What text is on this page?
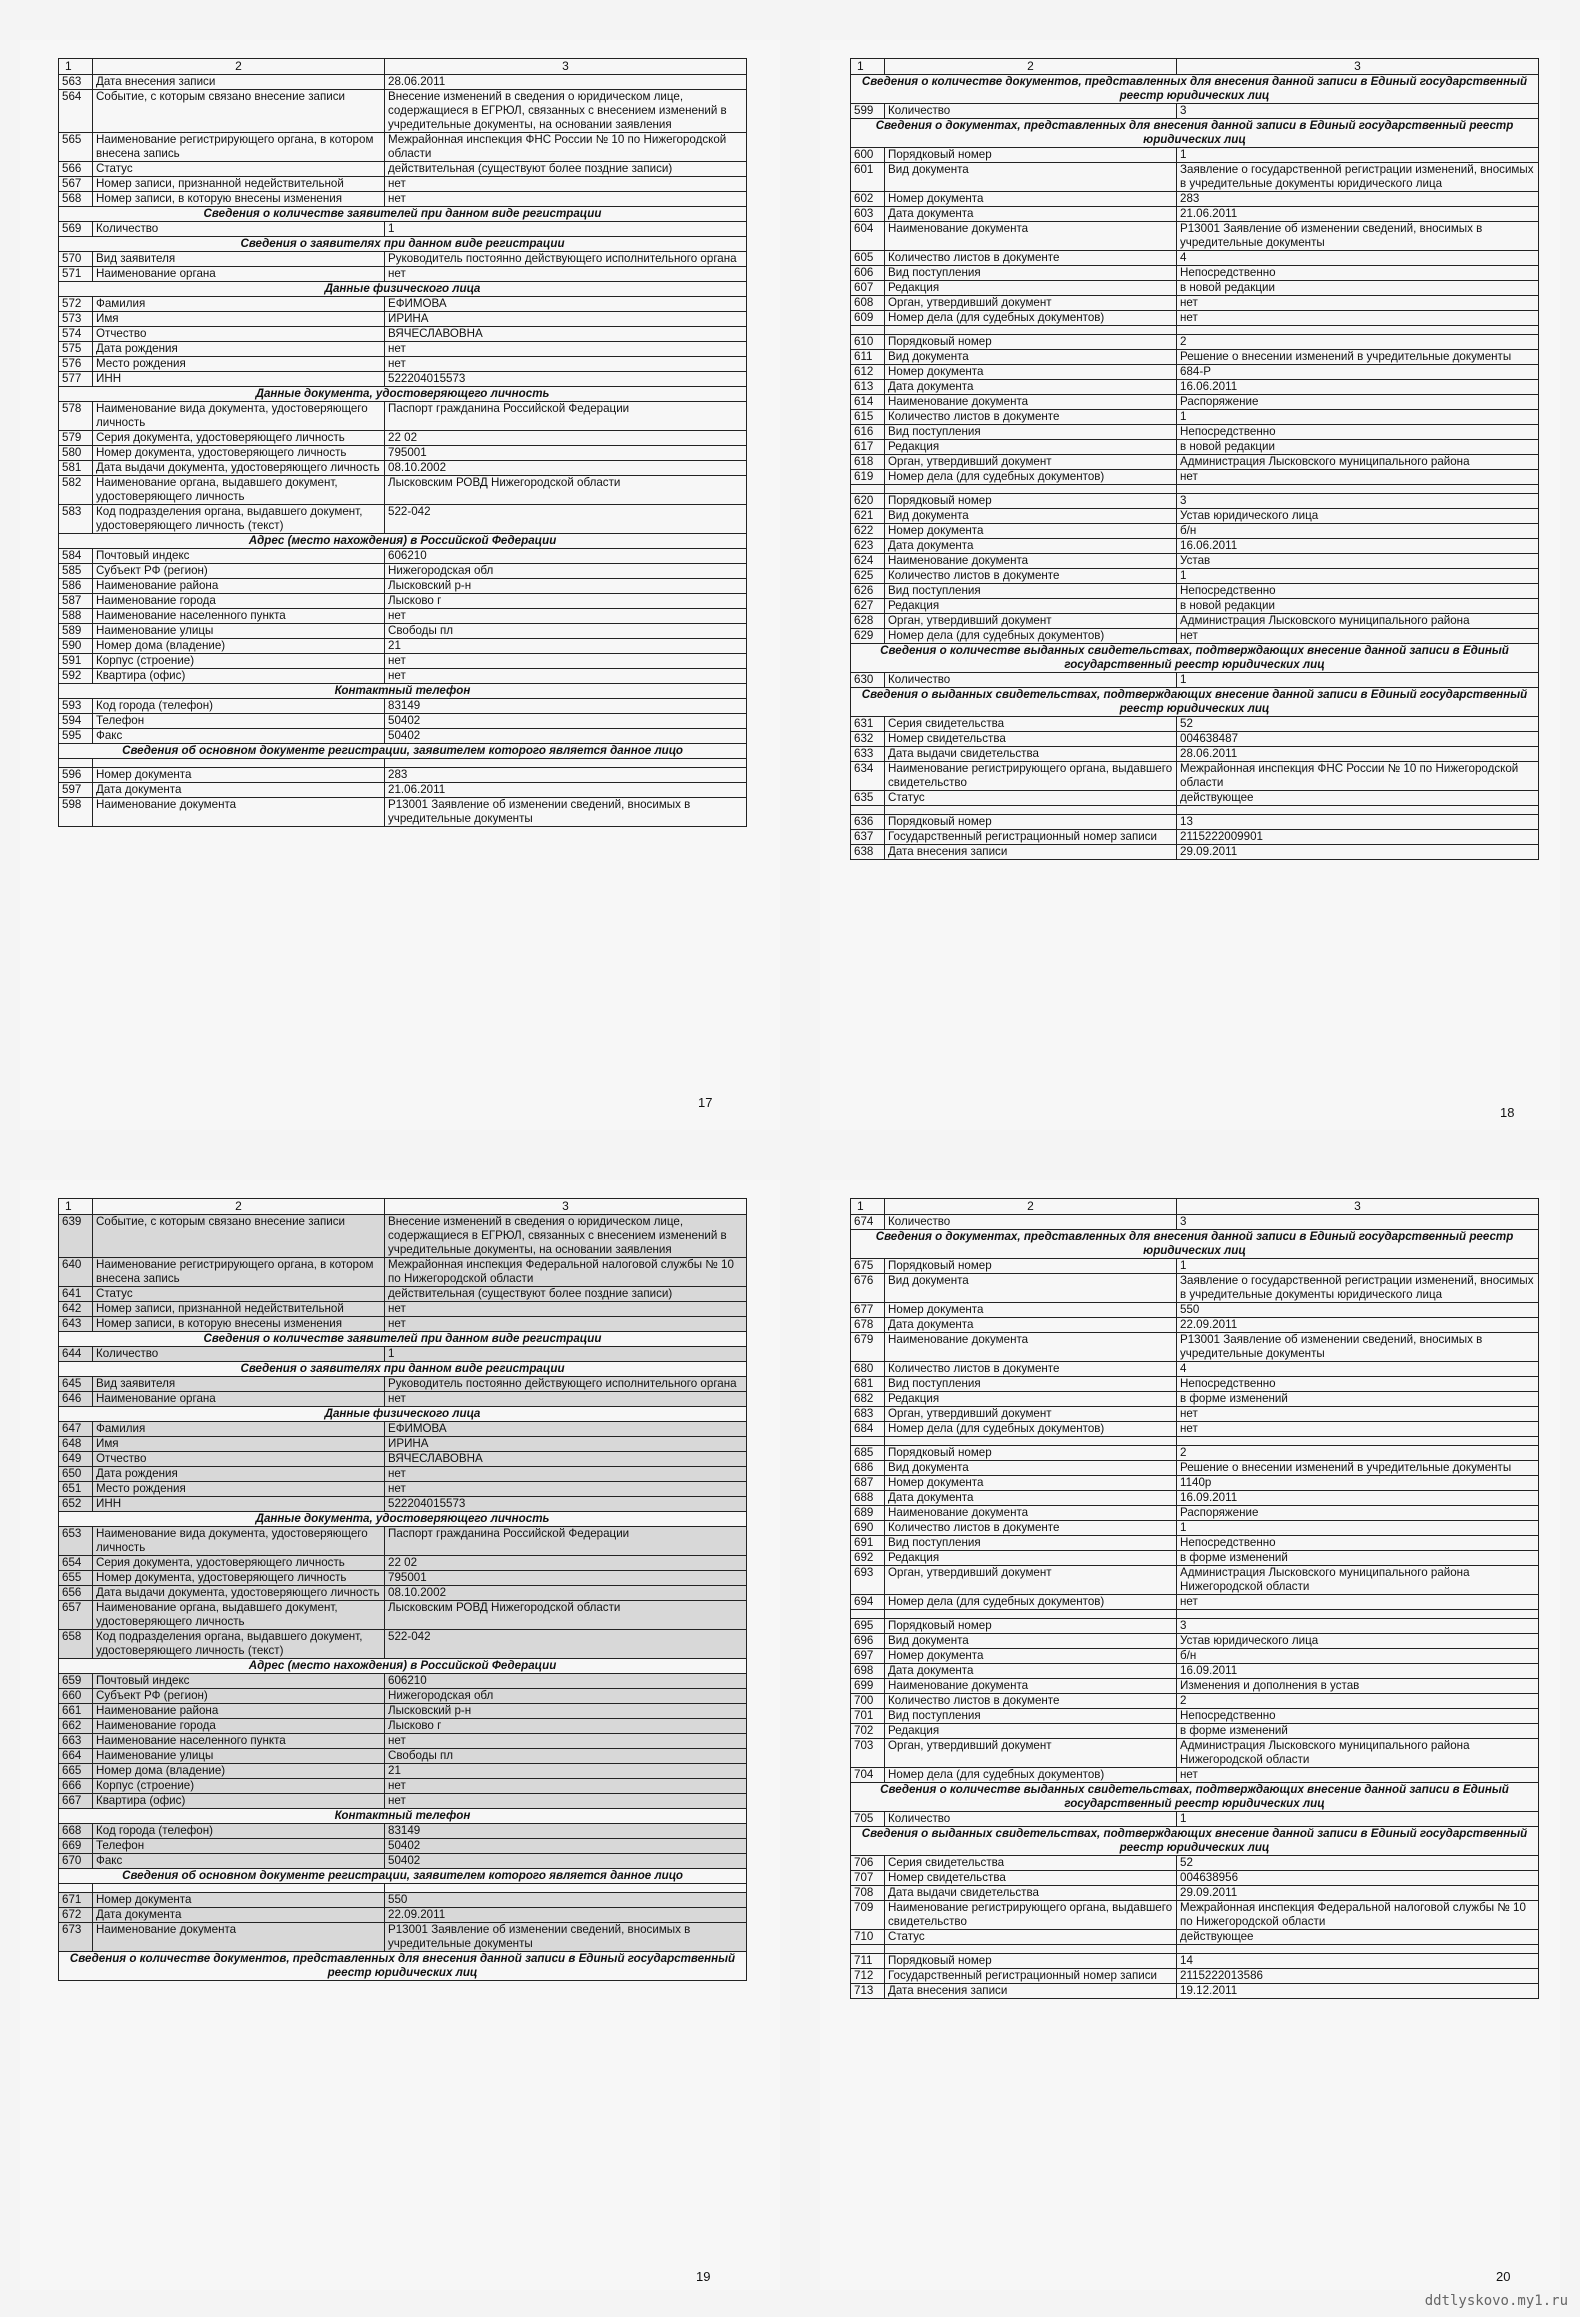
1	2	3
563	Дата внесения записи	28.06.2011
564	Событие, с которым связано внесение записи	Внесение изменений в сведения о юридическом лице, содержащиеся в ЕГРЮЛ, связанных с внесением изменений в учредительные документы, на основании заявления
565	Наименование регистрирующего органа, в котором внесена запись	Межрайонная инспекция ФНС России № 10 по Нижегородской области
566	Статус	действительная (существуют более поздние записи)
567	Номер записи, признанной недействительной	нет
568	Номер записи, в которую внесены изменения	нет
Сведения о количестве заявителей при данном виде регистрации		
569	Количество	1
Сведения о заявителях при данном виде регистрации		
570	Вид заявителя	Руководитель постоянно действующего исполнительного органа
571	Наименование органа	нет
Данные физического лица		
572	Фамилия	ЕФИМОВА
573	Имя	ИРИНА
574	Отчество	ВЯЧЕСЛАВОВНА
575	Дата рождения	нет
576	Место рождения	нет
577	ИНН	522204015573
Данные документа, удостоверяющего личность		
578	Наименование вида документа, удостоверяющего личность	Паспорт гражданина Российской Федерации
579	Серия документа, удостоверяющего личность	22 02
580	Номер документа, удостоверяющего личность	795001
581	Дата выдачи документа, удостоверяющего личность	08.10.2002
582	Наименование органа, выдавшего документ, удостоверяющего личность	Лысковским РОВД Нижегородской области
583	Код подразделения органа, выдавшего документ, удостоверяющего личность (текст)	522-042
Адрес (место нахождения) в Российской Федерации		
584	Почтовый индекс	606210
585	Субъект РФ (регион)	Нижегородская обл
586	Наименование района	Лысковский р-н
587	Наименование города	Лысково г
588	Наименование населенного пункта	нет
589	Наименование улицы	Свободы пл
590	Номер дома (владение)	21
591	Корпус (строение)	нет
592	Квартира (офис)	нет
Контактный телефон		
593	Код города (телефон)	83149
594	Телефон	50402
595	Факс	50402
Сведения об основном документе регистрации, заявителем которого является данное лицо		

596	Номер документа	283
597	Дата документа	21.06.2011
598	Наименование документа	Р13001 Заявление об изменении сведений, вносимых в учредительные документы
17
1	2	3
Сведения о количестве документов, представленных для внесения данной записи в Единый государственный реестр юридических лиц		
599	Количество	3
Сведения о документах, представленных для внесения данной записи в Единый государственный реестр юридических лиц		
600	Порядковый номер	1
601	Вид документа	Заявление о государственной регистрации изменений, вносимых в учредительные документы юридического лица
602	Номер документа	283
603	Дата документа	21.06.2011
604	Наименование документа	Р13001 Заявление об изменении сведений, вносимых в учредительные документы
605	Количество листов в документе	4
606	Вид поступления	Непосредственно
607	Редакция	в новой редакции
608	Орган, утвердивший документ	нет
609	Номер дела (для судебных документов)	нет

610	Порядковый номер	2
611	Вид документа	Решение о внесении изменений в учредительные документы
612	Номер документа	684-Р
613	Дата документа	16.06.2011
614	Наименование документа	Распоряжение
615	Количество листов в документе	1
616	Вид поступления	Непосредственно
617	Редакция	в новой редакции
618	Орган, утвердивший документ	Администрация Лысковского муниципального района
619	Номер дела (для судебных документов)	нет

620	Порядковый номер	3
621	Вид документа	Устав юридического лица
622	Номер документа	б/н
623	Дата документа	16.06.2011
624	Наименование документа	Устав
625	Количество листов в документе	1
626	Вид поступления	Непосредственно
627	Редакция	в новой редакции
628	Орган, утвердивший документ	Администрация Лысковского муниципального района
629	Номер дела (для судебных документов)	нет
Сведения о количестве выданных свидетельствах, подтверждающих внесение данной записи в Единый государственный реестр юридических лиц		
630	Количество	1
Сведения о выданных свидетельствах, подтверждающих внесение данной записи в Единый государственный реестр юридических лиц		
631	Серия свидетельства	52
632	Номер свидетельства	004638487
633	Дата выдачи свидетельства	28.06.2011
634	Наименование регистрирующего органа, выдавшего свидетельство	Межрайонная инспекция ФНС России № 10 по Нижегородской области
635	Статус	действующее

636	Порядковый номер	13
637	Государственный регистрационный номер записи	2115222009901
638	Дата внесения записи	29.09.2011
18
1	2	3
639	Событие, с которым связано внесение записи	Внесение изменений в сведения о юридическом лице, содержащиеся в ЕГРЮЛ, связанных с внесением изменений в учредительные документы, на основании заявления
640	Наименование регистрирующего органа, в котором внесена запись	Межрайонная инспекция Федеральной налоговой службы № 10 по Нижегородской области
641	Статус	действительная (существуют более поздние записи)
642	Номер записи, признанной недействительной	нет
643	Номер записи, в которую внесены изменения	нет
Сведения о количестве заявителей при данном виде регистрации		
644	Количество	1
Сведения о заявителях при данном виде регистрации		
645	Вид заявителя	Руководитель постоянно действующего исполнительного органа
646	Наименование органа	нет
Данные физического лица		
647	Фамилия	ЕФИМОВА
648	Имя	ИРИНА
649	Отчество	ВЯЧЕСЛАВОВНА
650	Дата рождения	нет
651	Место рождения	нет
652	ИНН	522204015573
Данные документа, удостоверяющего личность		
653	Наименование вида документа, удостоверяющего личность	Паспорт гражданина Российской Федерации
654	Серия документа, удостоверяющего личность	22 02
655	Номер документа, удостоверяющего личность	795001
656	Дата выдачи документа, удостоверяющего личность	08.10.2002
657	Наименование органа, выдавшего документ, удостоверяющего личность	Лысковским РОВД Нижегородской области
658	Код подразделения органа, выдавшего документ, удостоверяющего личность (текст)	522-042
Адрес (место нахождения) в Российской Федерации		
659	Почтовый индекс	606210
660	Субъект РФ (регион)	Нижегородская обл
661	Наименование района	Лысковский р-н
662	Наименование города	Лысково г
663	Наименование населенного пункта	нет
664	Наименование улицы	Свободы пл
665	Номер дома (владение)	21
666	Корпус (строение)	нет
667	Квартира (офис)	нет
Контактный телефон		
668	Код города (телефон)	83149
669	Телефон	50402
670	Факс	50402
Сведения об основном документе регистрации, заявителем которого является данное лицо		

671	Номер документа	550
672	Дата документа	22.09.2011
673	Наименование документа	Р13001 Заявление об изменении сведений, вносимых в учредительные документы
Сведения о количестве документов, представленных для внесения данной записи в Единый государственный реестр юридических лиц		
19
1	2	3
674	Количество	3
Сведения о документах, представленных для внесения данной записи в Единый государственный реестр юридических лиц		
675	Порядковый номер	1
676	Вид документа	Заявление о государственной регистрации изменений, вносимых в учредительные документы юридического лица
677	Номер документа	550
678	Дата документа	22.09.2011
679	Наименование документа	Р13001 Заявление об изменении сведений, вносимых в учредительные документы
680	Количество листов в документе	4
681	Вид поступления	Непосредственно
682	Редакция	в форме изменений
683	Орган, утвердивший документ	нет
684	Номер дела (для судебных документов)	нет

685	Порядковый номер	2
686	Вид документа	Решение о внесении изменений в учредительные документы
687	Номер документа	1140р
688	Дата документа	16.09.2011
689	Наименование документа	Распоряжение
690	Количество листов в документе	1
691	Вид поступления	Непосредственно
692	Редакция	в форме изменений
693	Орган, утвердивший документ	Администрация Лысковского муниципального района Нижегородской области
694	Номер дела (для судебных документов)	нет

695	Порядковый номер	3
696	Вид документа	Устав юридического лица
697	Номер документа	б/н
698	Дата документа	16.09.2011
699	Наименование документа	Изменения и дополнения в устав
700	Количество листов в документе	2
701	Вид поступления	Непосредственно
702	Редакция	в форме изменений
703	Орган, утвердивший документ	Администрация Лысковского муниципального района Нижегородской области
704	Номер дела (для судебных документов)	нет
Сведения о количестве выданных свидетельствах, подтверждающих внесение данной записи в Единый государственный реестр юридических лиц		
705	Количество	1
Сведения о выданных свидетельствах, подтверждающих внесение данной записи в Единый государственный реестр юридических лиц		
706	Серия свидетельства	52
707	Номер свидетельства	004638956
708	Дата выдачи свидетельства	29.09.2011
709	Наименование регистрирующего органа, выдавшего свидетельство	Межрайонная инспекция Федеральной налоговой службы № 10 по Нижегородской области
710	Статус	действующее

711	Порядковый номер	14
712	Государственный регистрационный номер записи	2115222013586
713	Дата внесения записи	19.12.2011
20
ddtlyskovo.my1.ru
